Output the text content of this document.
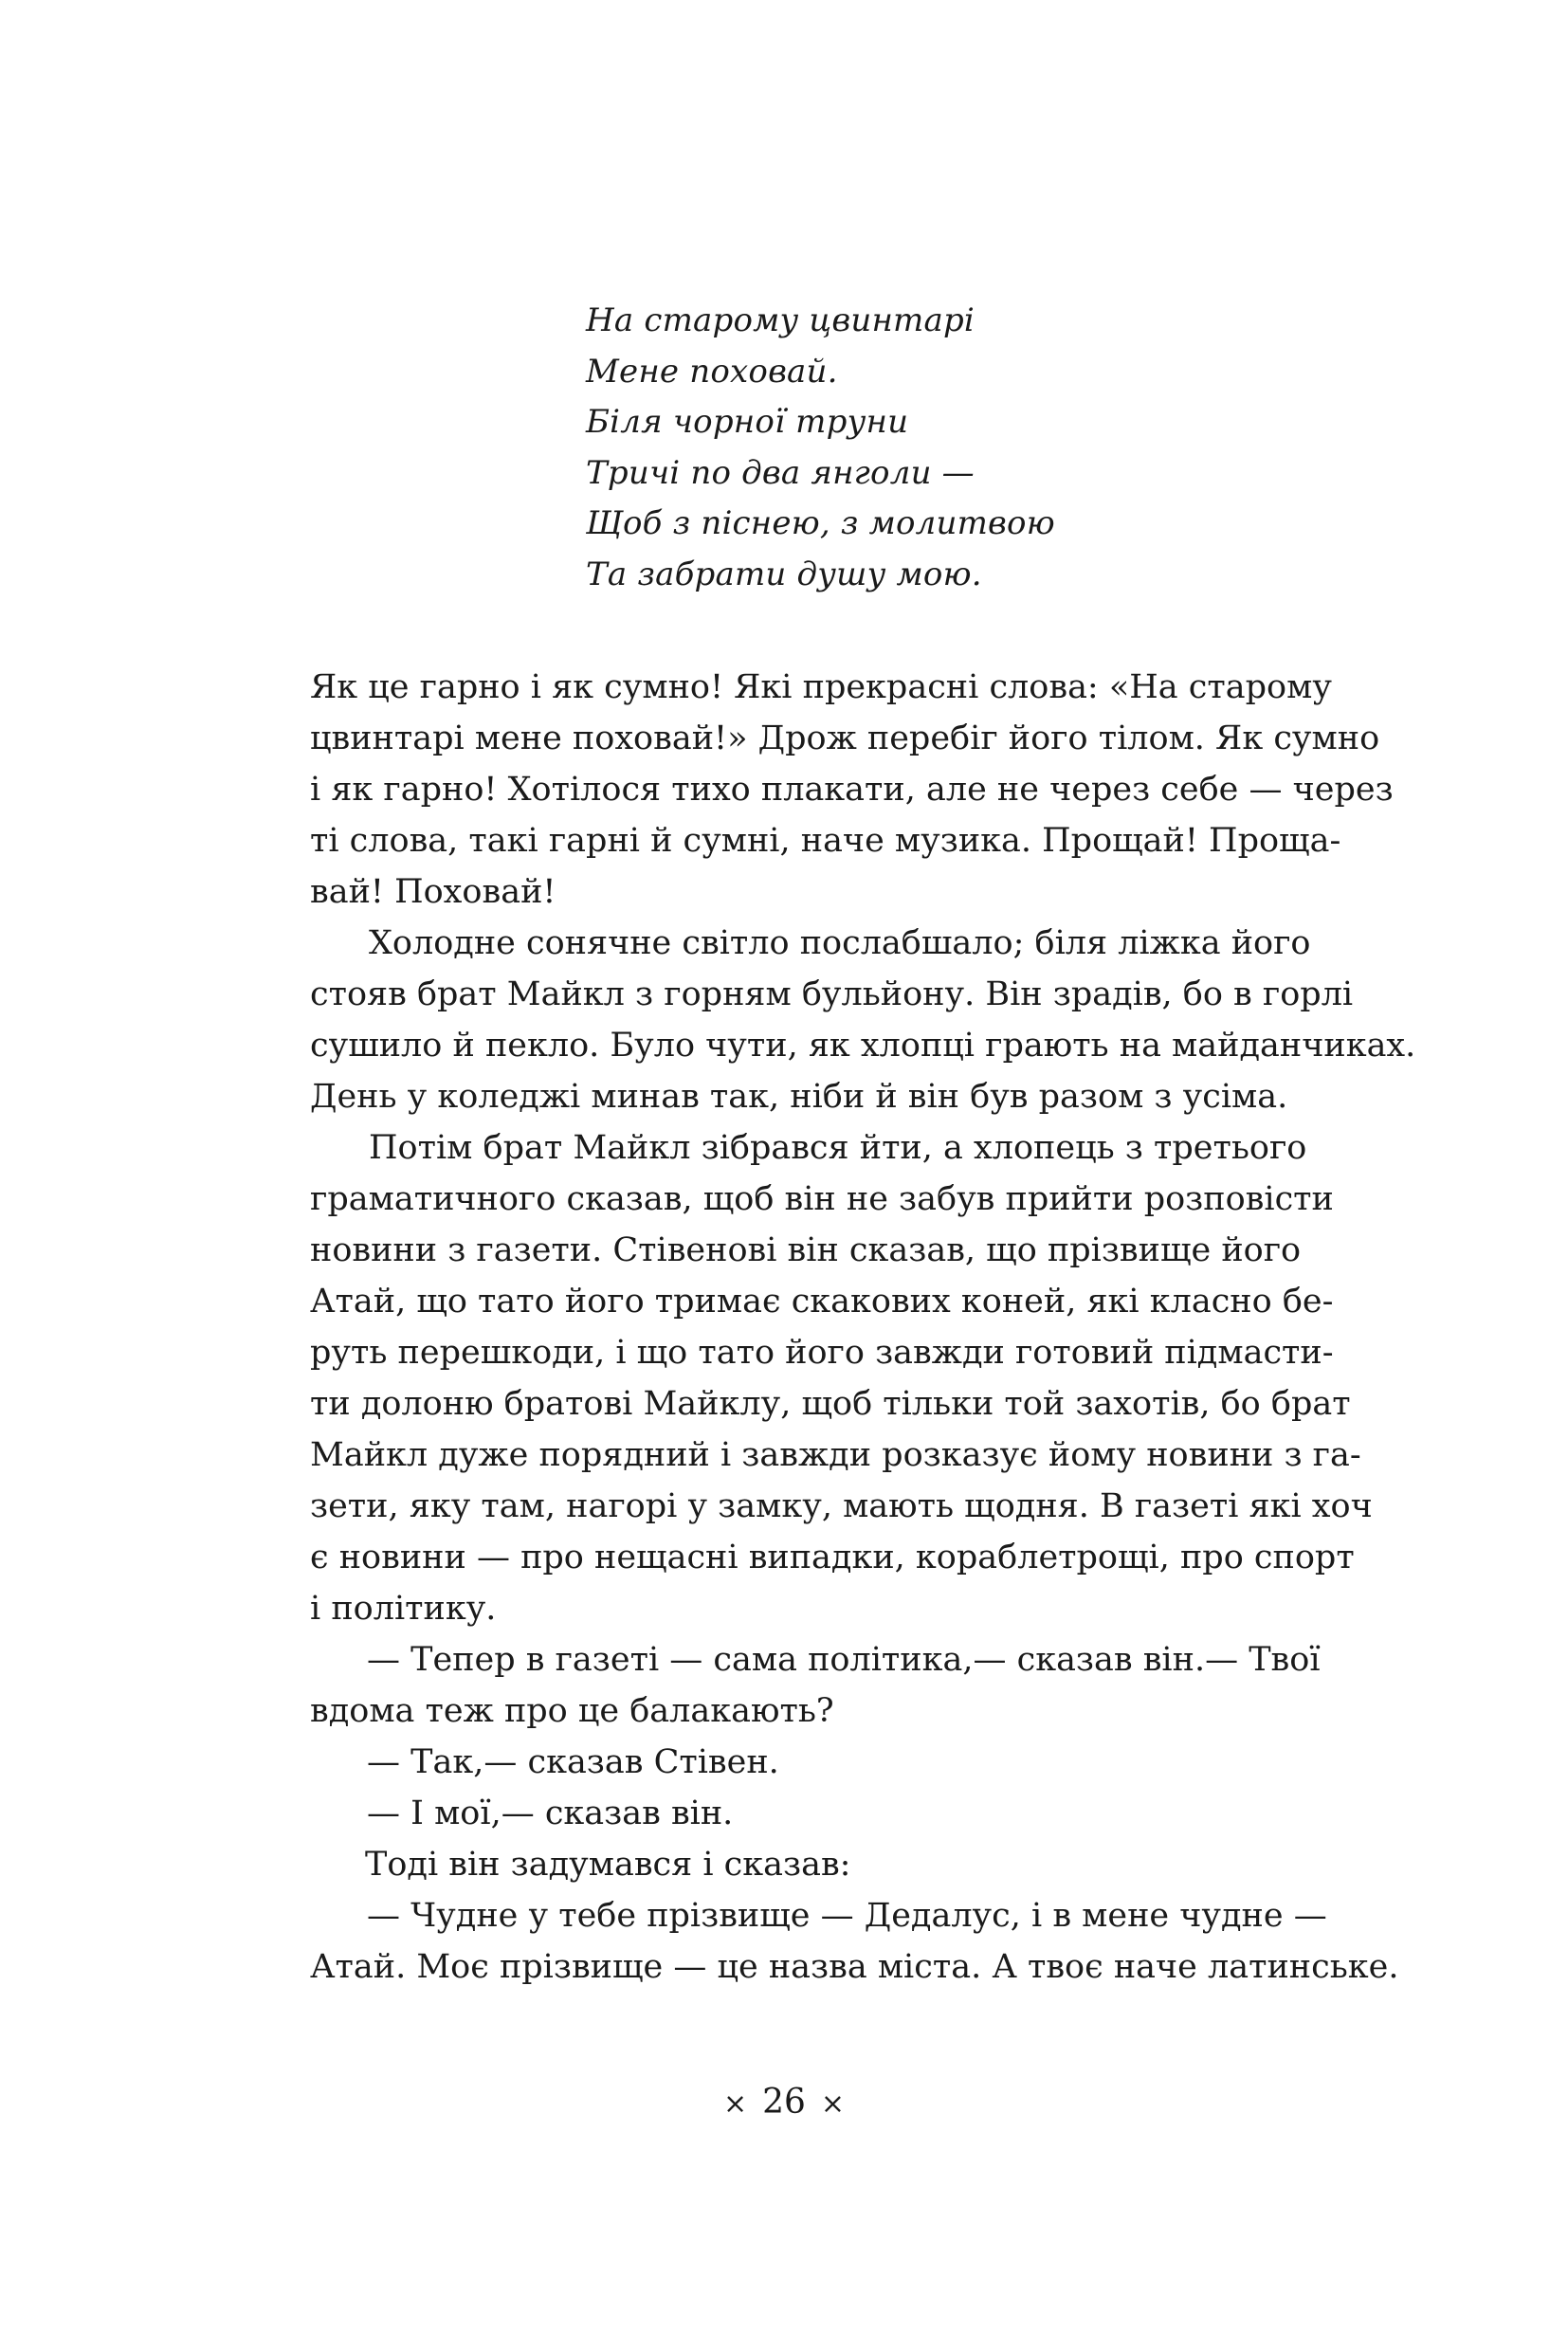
На старому цвинтарі
Мене поховай.
Біля чорної труни
Тричі по два янголи —
Щоб з піснею, з молитвою
Та забрати душу мою.
Як це гарно і як сумно! Які прекрасні слова: «На старому
цвинтарі мене поховай!» Дрож перебіг його тілом. Як сумно
і як гарно! Хотілося тихо плакати, але не через себе — через
ті слова, такі гарні й сумні, наче музика. Прощай! Проща-
вай! Поховай!
Холодне сонячне світло послабшало; біля ліжка його
стояв брат Майкл з горням бульйону. Він зрадів, бо в горлі
сушило й пекло. Було чути, як хлопці грають на майданчиках.
День у коледжі минав так, ніби й він був разом з усіма.
Потім брат Майкл зібрався йти, а хлопець з третього
граматичного сказав, щоб він не забув прийти розповісти
новини з газети. Стівенові він сказав, що прізвище його
Атай, що тато його тримає скакових коней, які класно бе-
руть перешкоди, і що тато його завжди готовий підмасти-
ти долоню братові Майклу, щоб тільки той захотів, бо брат
Майкл дуже порядний і завжди розказує йому новини з га-
зети, яку там, нагорі у замку, мають щодня. В газеті які хоч
є новини — про нещасні випадки, кораблетрощі, про спорт
і політику.
— Тепер в газеті — сама політика,— сказав він.— Твої
вдома теж про це балакають?
— Так,— сказав Стівен.
— І мої,— сказав він.
Тоді він задумався і сказав:
— Чудне у тебе прізвище — Дедалус, і в мене чудне —
Атай. Моє прізвище — це назва міста. А твоє наче латинське.
× 26 ×
